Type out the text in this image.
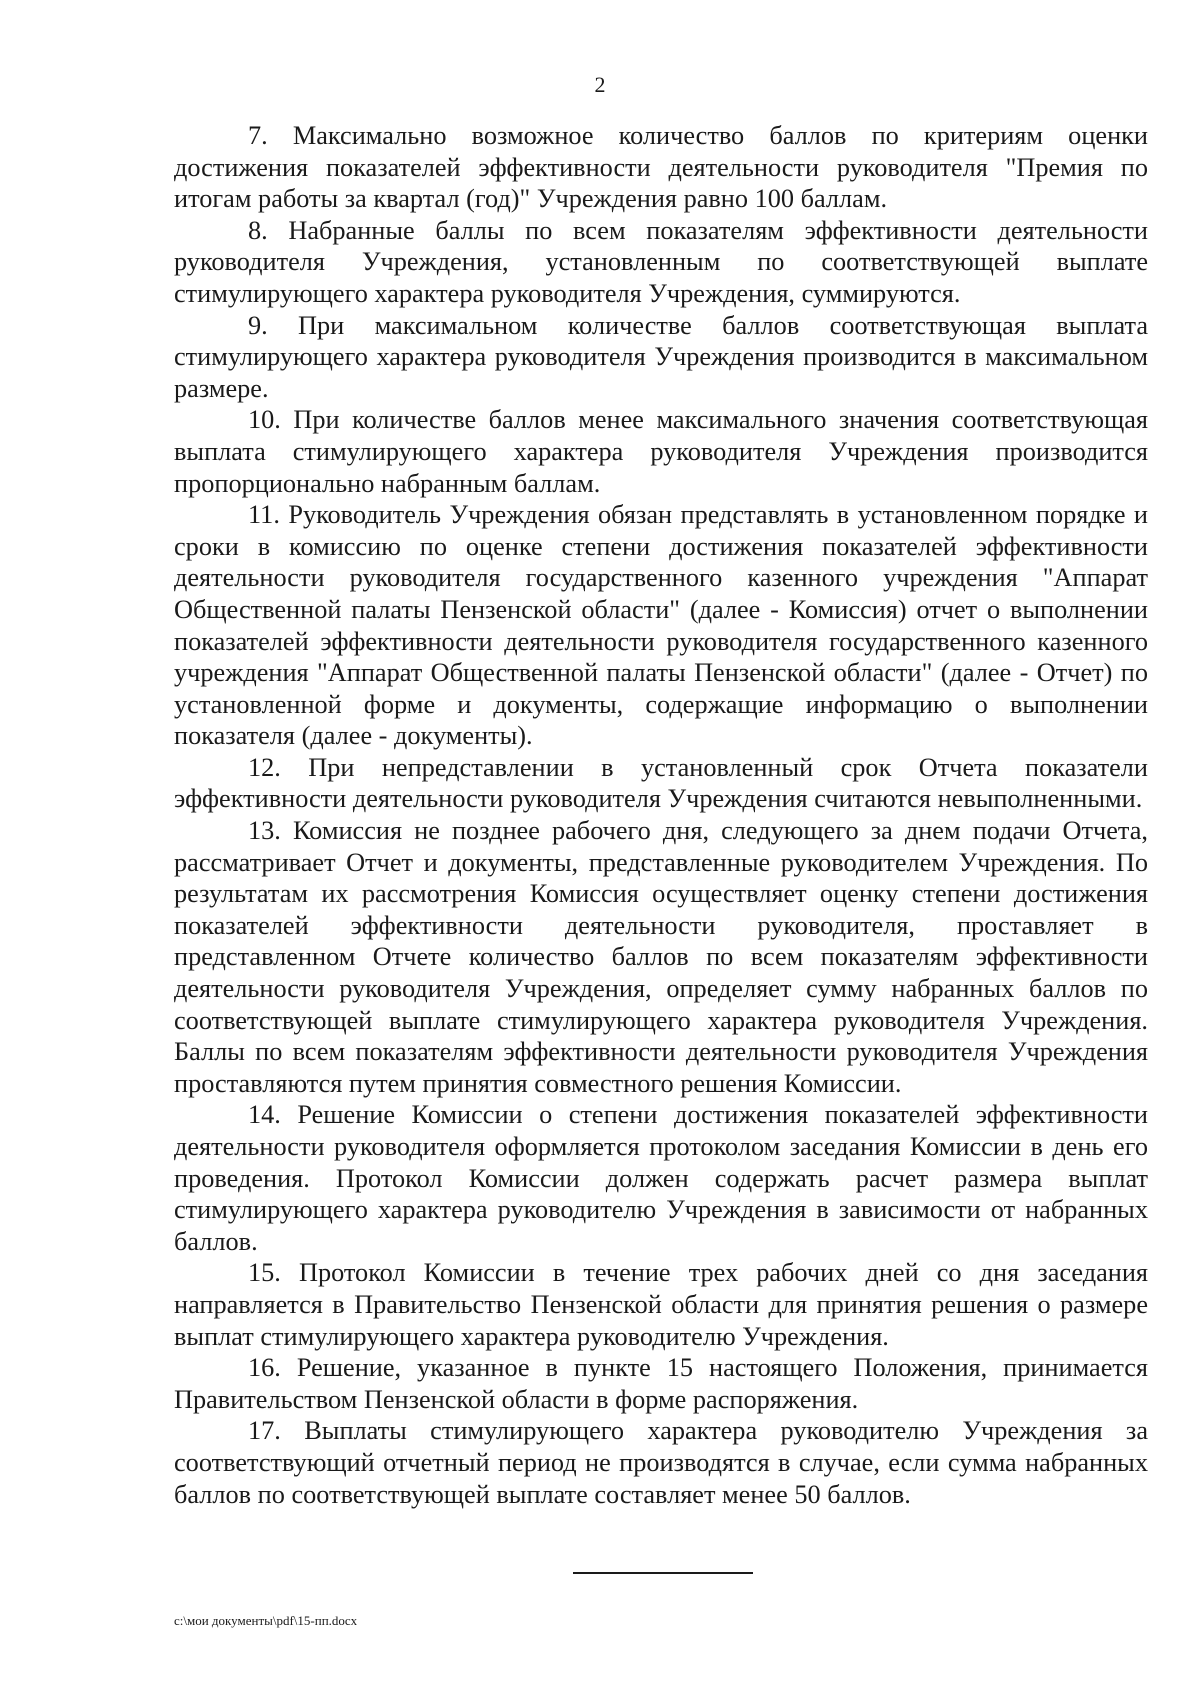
2

7. Максимально возможное количество баллов по критериям оценки достижения показателей эффективности деятельности руководителя "Премия по итогам работы за квартал (год)" Учреждения равно 100 баллам.

8. Набранные баллы по всем показателям эффективности деятельности руководителя Учреждения, установленным по соответствующей выплате стимулирующего характера руководителя Учреждения, суммируются.

9. При максимальном количестве баллов соответствующая выплата стимулирующего характера руководителя Учреждения производится в максимальном размере.

10. При количестве баллов менее максимального значения соответствующая выплата стимулирующего характера руководителя Учреждения производится пропорционально набранным баллам.

11. Руководитель Учреждения обязан представлять в установленном порядке и сроки в комиссию по оценке степени достижения показателей эффективности деятельности руководителя государственного казенного учреждения "Аппарат Общественной палаты Пензенской области" (далее - Комиссия) отчет о выполнении показателей эффективности деятельности руководителя государственного казенного учреждения "Аппарат Общественной палаты Пензенской области" (далее - Отчет) по установленной форме и документы, содержащие информацию о выполнении показателя (далее - документы).

12. При непредставлении в установленный срок Отчета показатели эффективности деятельности руководителя Учреждения считаются невыполненными.

13. Комиссия не позднее рабочего дня, следующего за днем подачи Отчета, рассматривает Отчет и документы, представленные руководителем Учреждения. По результатам их рассмотрения Комиссия осуществляет оценку степени достижения показателей эффективности деятельности руководителя, проставляет в представленном Отчете количество баллов по всем показателям эффективности деятельности руководителя Учреждения, определяет сумму набранных баллов по соответствующей выплате стимулирующего характера руководителя Учреждения. Баллы по всем показателям эффективности деятельности руководителя Учреждения проставляются путем принятия совместного решения Комиссии.

14. Решение Комиссии о степени достижения показателей эффективности деятельности руководителя оформляется протоколом заседания Комиссии в день его проведения. Протокол Комиссии должен содержать расчет размера выплат стимулирующего характера руководителю Учреждения в зависимости от набранных баллов.

15. Протокол Комиссии в течение трех рабочих дней со дня заседания направляется в Правительство Пензенской области для принятия решения о размере выплат стимулирующего характера руководителю Учреждения.

16. Решение, указанное в пункте 15 настоящего Положения, принимается Правительством Пензенской области в форме распоряжения.

17. Выплаты стимулирующего характера руководителю Учреждения за соответствующий отчетный период не производятся в случае, если сумма набранных баллов по соответствующей выплате составляет менее 50 баллов.

c:\мои документы\pdf\15-пп.docx
